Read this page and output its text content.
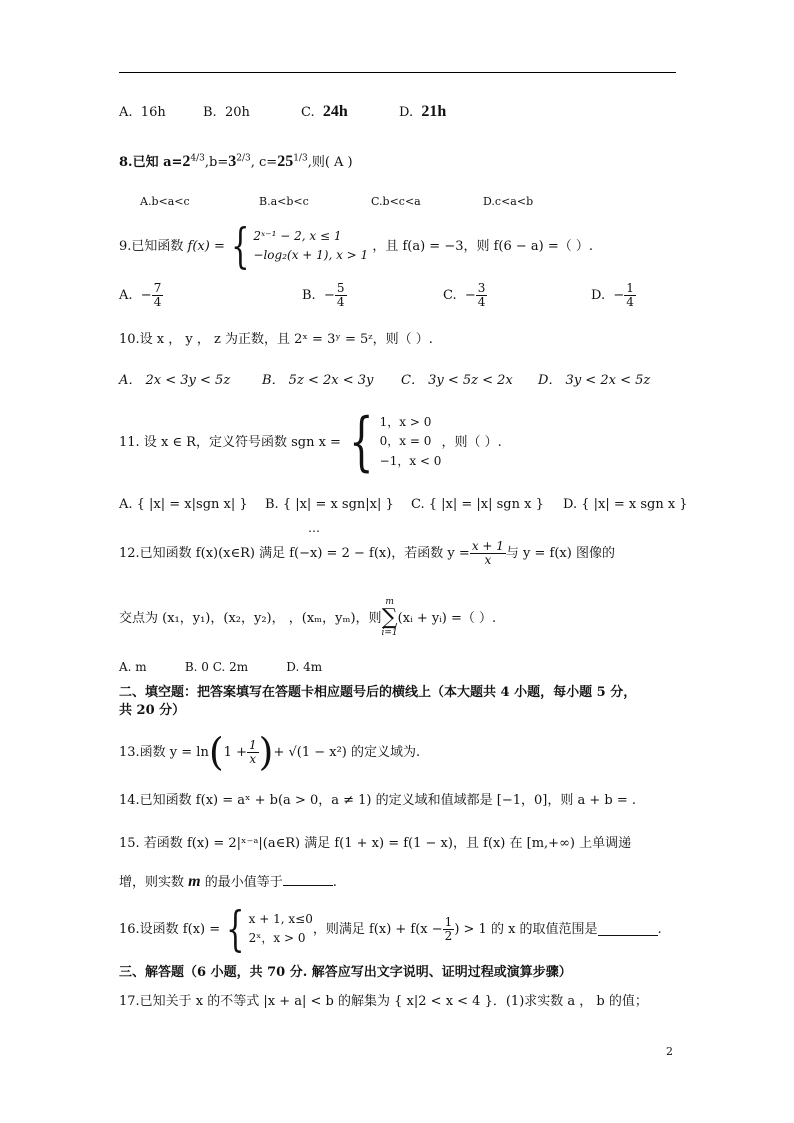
A. 16h	B. 20h	C. 24h	D. 21h
8.已知 $a=2^{4/3},b=3^{2/3}$, $c=25^{1/3}$,则( A )
A.b<a<c	B.a<b<c	C.b<c<a	D.c<a<b
9.已知函数
f(x) = { 2ˣ⁻¹ − 2, x ≤ 1
−log₂(x + 1), x > 1

，且 f(a) = −3，则 f(6 − a) =（ ）.
A.
− $\frac{7}{4}$	B.
− $\frac{5}{4}$	C.
− $\frac{3}{4}$	D.
− $\frac{1}{4}$
10.设 x ， y ， z 为正数，且 2ˣ = 3ʸ = 5ᶻ，则（ ）.
A． 2x < 3y < 5z B． 5z < 2x < 3y C． 3y < 5z < 2x D． 3y < 2x < 5z
11. 设 x ∈ R，定义符号函数 sgn x = { 1，x > 0
0，x = 0
−1，x < 0
，则（ ）.
A. { |x| = x|sgn x| } B. { |x| = x sgn|x| } C. { |x| = |x| sgn x } D. { |x| = x sgn x }
…
12.已知函数 f(x)(x∈R) 满足 f(−x) = 2 − f(x)，若函数 $y = \frac{x + 1}{x}$ 与 y = f(x) 图像的
交点为 (x₁，y₁)，(x₂，y₂)， ，(xₘ，yₘ)，则
m
∑
i=1
(xᵢ + yᵢ) =（ ）.
A. m          B. 0 C. 2m          D. 4m
二、填空题：把答案填写在答题卡相应题号后的横线上（本大题共 4 小题，每小题 5 分，
共 20 分）
13.函数 y = ln ( $1 + \frac{1}{x}$ ) + √(1 − x²) 的定义域为.
14.已知函数 f(x) = aˣ + b(a > 0，a ≠ 1) 的定义域和值域都是 [−1，0]，则 a + b = .
15. 若函数 f(x) = 2|ˣ⁻ᵃ|(a∈R) 满足 f(1 + x) = f(1 − x)，且 f(x) 在 [m,+∞) 上单调递
增，则实数 m 的最小值等于	.
16.设函数 f(x) = { x + 1, x≤0
2ˣ，x > 0
，则满足 $f(x) + f(x - \frac{1}{2}$ ) > 1 的 x 的取值范围是	.
三、解答题（6 小题，共 70 分. 解答应写出文字说明、证明过程或演算步骤）
17.已知关于 x 的不等式 |x + a| < b 的解集为 { x|2 < x < 4 }．(1)求实数 a ， b 的值；
2
